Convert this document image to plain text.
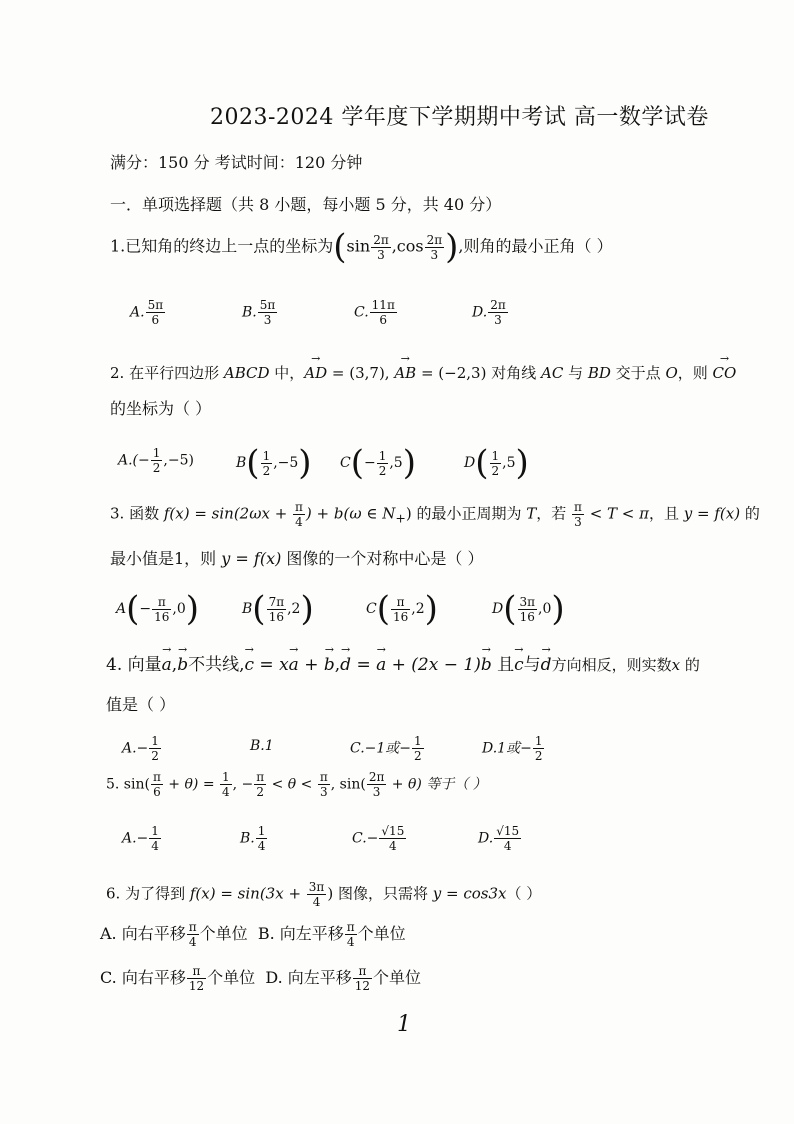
2023-2024 学年度下学期期中考试 高一数学试卷
满分：150 分 考试时间：120 分钟
一．单项选择题（共 8 小题，每小题 5 分，共 40 分）
1.已知角的终边上一点的坐标为($\sin \frac{2\pi}{3} ,\cos \frac{2\pi}{3}$ ),则角的最小正角（ ）
A. $\frac{5\pi}{6}$	B. $\frac{5\pi}{3}$	C. $\frac{11\pi}{6}$	D. $\frac{2\pi}{3}$
2. 在平行四边形 ABCD 中，→ AD = (3,7), → AB = (−2,3) 对角线 AC 与 BD 交于点 O，则 → CO
的坐标为（ ）
$A.(- \frac{1}{2} ,-5)$	$B( \frac{1}{2} ,-5)$ $C(- \frac{1}{2} ,5)$	$D( \frac{1}{2} ,5)$
3. 函数 $f(x) = \sin(2\omega x + \frac{\pi}{4}$ ) + b(ω ∈ $N_+$) 的最小正周期为 T，若 $\frac{\pi}{3} < T < \pi$，且 y = f(x) 的
最小值是1，则 y = f(x) 图像的一个对称中心是（ ）
$A(- \frac{\pi}{16} ,0)$	$B( \frac{7\pi}{16} ,2)$	$C( \frac{\pi}{16} ,2)$	$D( \frac{3\pi}{16} ,0)$
4. 向量→ a,→ b不共线,→ c = x→ a + → b,→ d = → a + (2x − 1)→ b 且→ c与→ d方向相反，则实数x 的
值是（ ）
$A.- \frac{1}{2}$	B.1	C.−1或− $\frac{1}{2}$	D.1或− $\frac{1}{2}$
5. $\sin( \frac{\pi}{6} + \theta) = \frac{1}{4}$ , − $\frac{\pi}{2} < \theta < \frac{\pi}{3}$ , $\sin( \frac{2\pi}{3} + \theta)$ 等于（ ）
$A.- \frac{1}{4}$	B. $\frac{1}{4}$	$C.- \frac{√15}{4}$	D. $\frac{√15}{4}$
6. 为了得到 $f(x) = \sin(3x + \frac{3\pi}{4}$ ) 图像，只需将 y = cos3x（ ）
A. 向右平移 $\frac{\pi}{4}$ 个单位 B. 向左平移 $\frac{\pi}{4}$ 个单位
C. 向右平移 $\frac{\pi}{12}$ 个单位 D. 向左平移 $\frac{\pi}{12}$ 个单位
1
